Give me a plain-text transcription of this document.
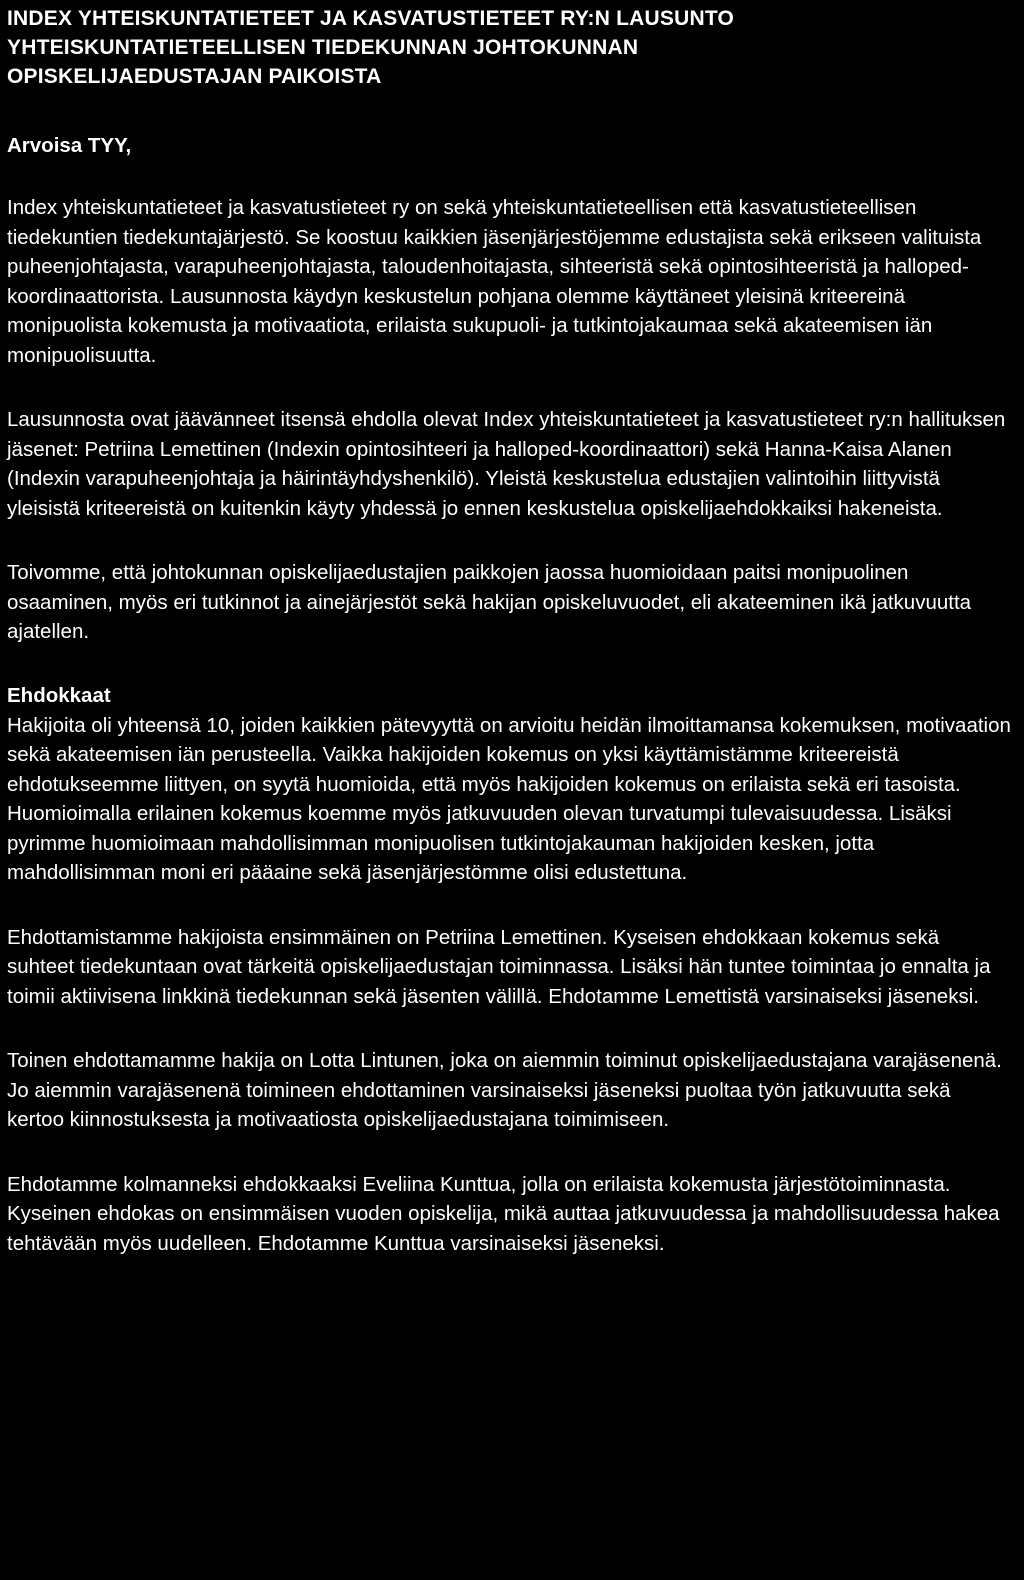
INDEX YHTEISKUNTATIETEET JA KASVATUSTIETEET RY:N LAUSUNTO
YHTEISKUNTATIETEELLISEN TIEDEKUNNAN JOHTOKUNNAN
OPISKELIJAEDUSTAJAN PAIKOISTA

Arvoisa TYY,

Index yhteiskuntatieteet ja kasvatustieteet ry on sekä yhteiskuntatieteellisen että kasvatustieteellisen tiedekuntien tiedekuntajärjestö. Se koostuu kaikkien jäsenjärjestöjemme edustajista sekä erikseen valituista puheenjohtajasta, varapuheenjohtajasta, taloudenhoitajasta, sihteeristä sekä opintosihteeristä ja halloped-koordinaattorista. Lausunnosta käydyn keskustelun pohjana olemme käyttäneet yleisinä kriteereinä monipuolista kokemusta ja motivaatiota, erilaista sukupuoli- ja tutkintojakaumaa sekä akateemisen iän monipuolisuutta.

Lausunnosta ovat jäävänneet itsensä ehdolla olevat Index yhteiskuntatieteet ja kasvatustieteet ry:n hallituksen jäsenet: Petriina Lemettinen (Indexin opintosihteeri ja halloped-koordinaattori) sekä Hanna-Kaisa Alanen (Indexin varapuheenjohtaja ja häirintäyhdyshenkilö). Yleistä keskustelua edustajien valintoihin liittyvistä yleisistä kriteereistä on kuitenkin käyty yhdessä jo ennen keskustelua opiskelijaehdokkaiksi hakeneista.

Toivomme, että johtokunnan opiskelijaedustajien paikkojen jaossa huomioidaan paitsi monipuolinen osaaminen, myös eri tutkinnot ja ainejärjestöt sekä hakijan opiskeluvuodet, eli akateeminen ikä jatkuvuutta ajatellen.

Ehdokkaat

Hakijoita oli yhteensä 10, joiden kaikkien pätevyyttä on arvioitu heidän ilmoittamansa kokemuksen, motivaation sekä akateemisen iän perusteella. Vaikka hakijoiden kokemus on yksi käyttämistämme kriteereistä ehdotukseemme liittyen, on syytä huomioida, että myös hakijoiden kokemus on erilaista sekä eri tasoista. Huomioimalla erilainen kokemus koemme myös jatkuvuuden olevan turvatumpi tulevaisuudessa. Lisäksi pyrimme huomioimaan mahdollisimman monipuolisen tutkintojakauman hakijoiden kesken, jotta mahdollisimman moni eri pääaine sekä jäsenjärjestömme olisi edustettuna.

Ehdottamistamme hakijoista ensimmäinen on Petriina Lemettinen. Kyseisen ehdokkaan kokemus sekä suhteet tiedekuntaan ovat tärkeitä opiskelijaedustajan toiminnassa. Lisäksi hän tuntee toimintaa jo ennalta ja toimii aktiivisena linkkinä tiedekunnan sekä jäsenten välillä. Ehdotamme Lemettistä varsinaiseksi jäseneksi.

Toinen ehdottamamme hakija on Lotta Lintunen, joka on aiemmin toiminut opiskelijaedustajana varajäsenenä. Jo aiemmin varajäsenenä toimineen ehdottaminen varsinaiseksi jäseneksi puoltaa työn jatkuvuutta sekä kertoo kiinnostuksesta ja motivaatiosta opiskelijaedustajana toimimiseen.

Ehdotamme kolmanneksi ehdokkaaksi Eveliina Kunttua, jolla on erilaista kokemusta järjestötoiminnasta. Kyseinen ehdokas on ensimmäisen vuoden opiskelija, mikä auttaa jatkuvuudessa ja mahdollisuudessa hakea tehtävään myös uudelleen. Ehdotamme Kunttua varsinaiseksi jäseneksi.
